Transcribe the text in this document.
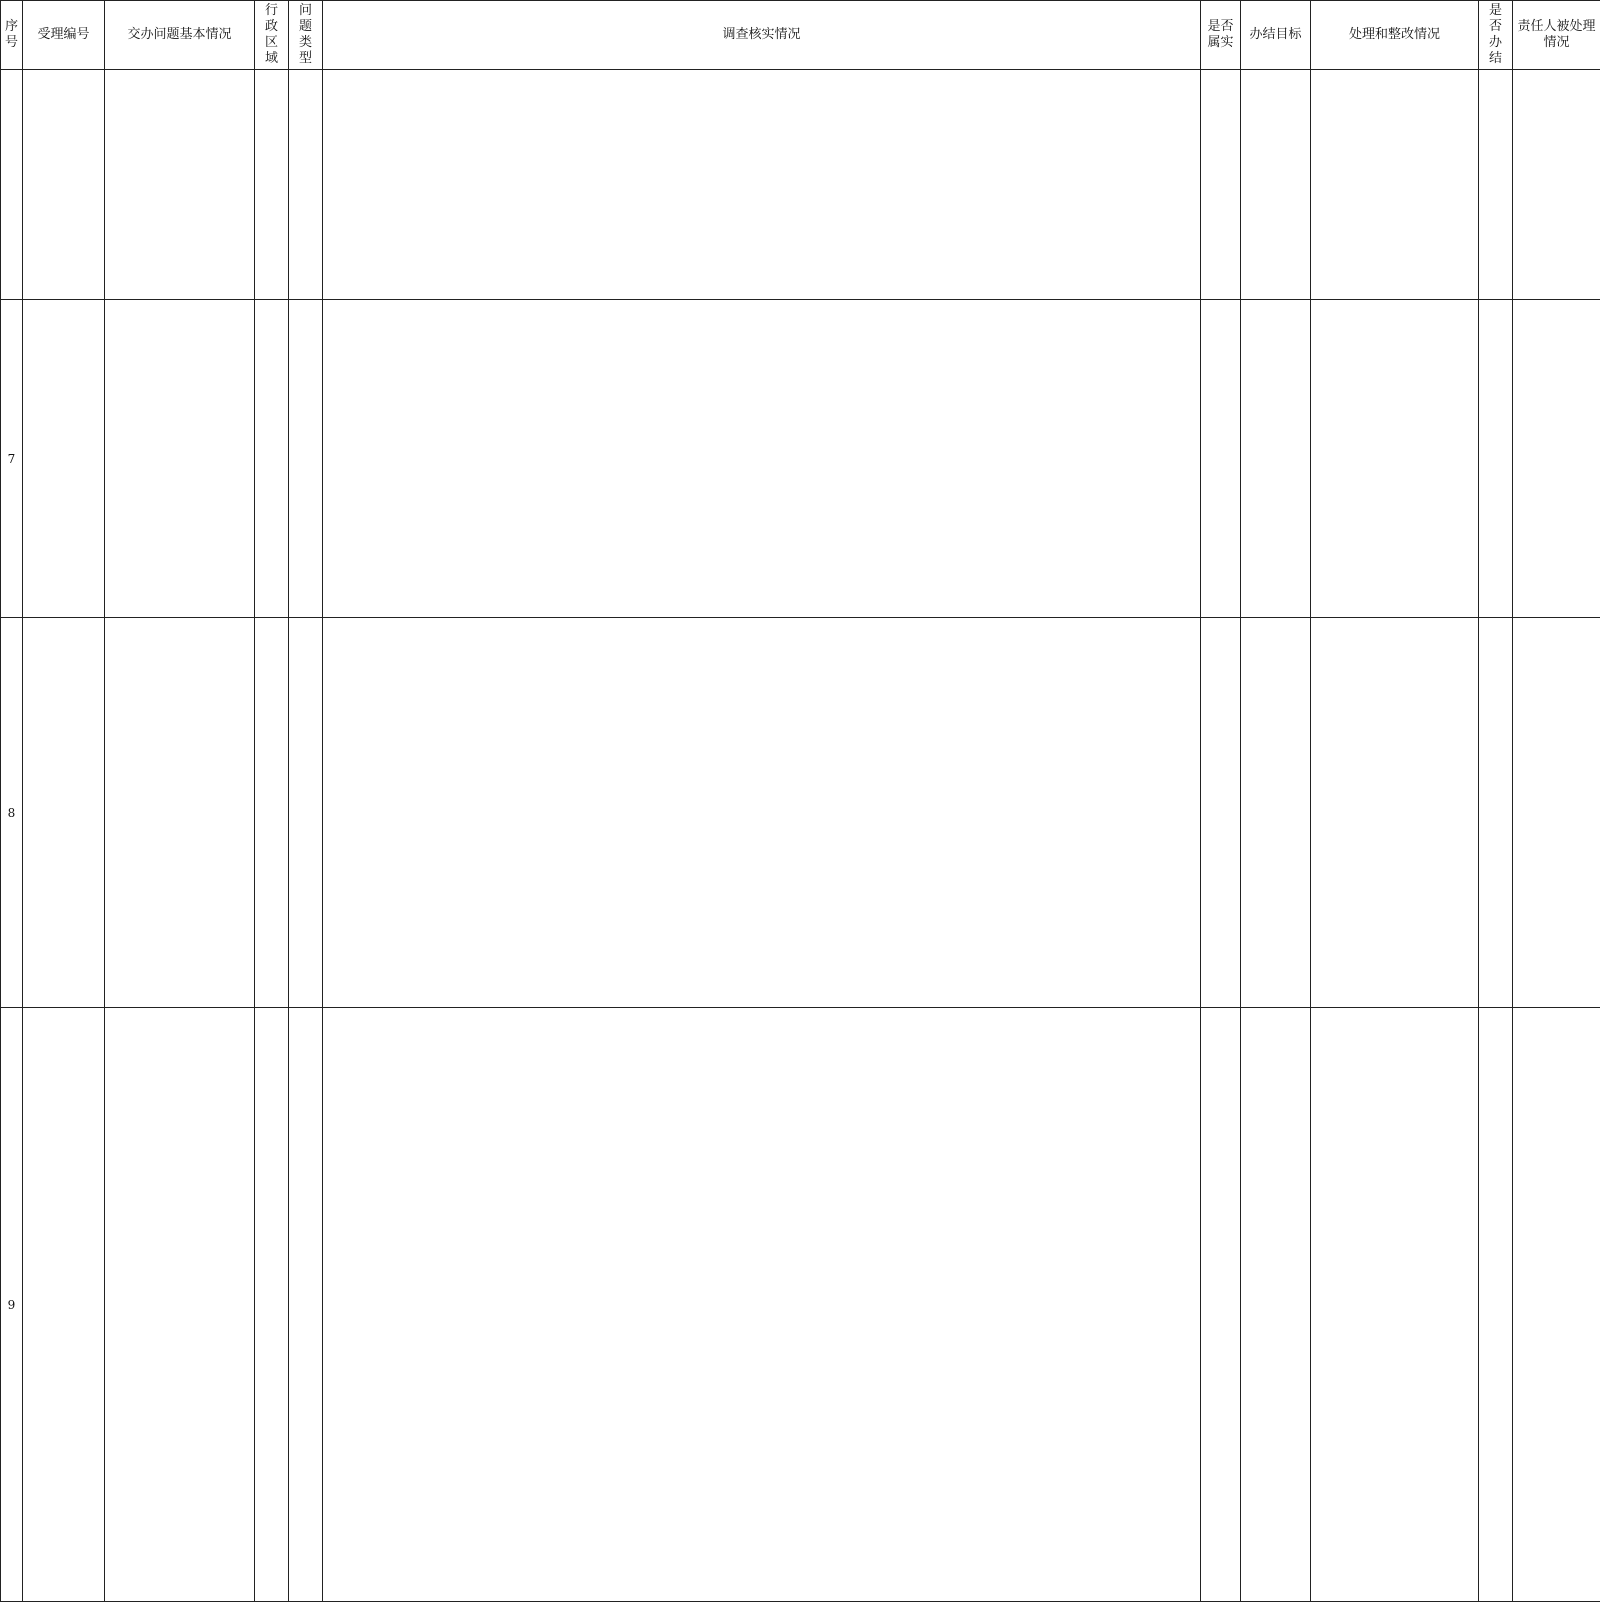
序号	受理编号	交办问题基本情况	行政区域	问题类型	调查核实情况	是否属实	办结目标	处理和整改情况	是否办结	责任人被处理情况

7										
8										
9										
